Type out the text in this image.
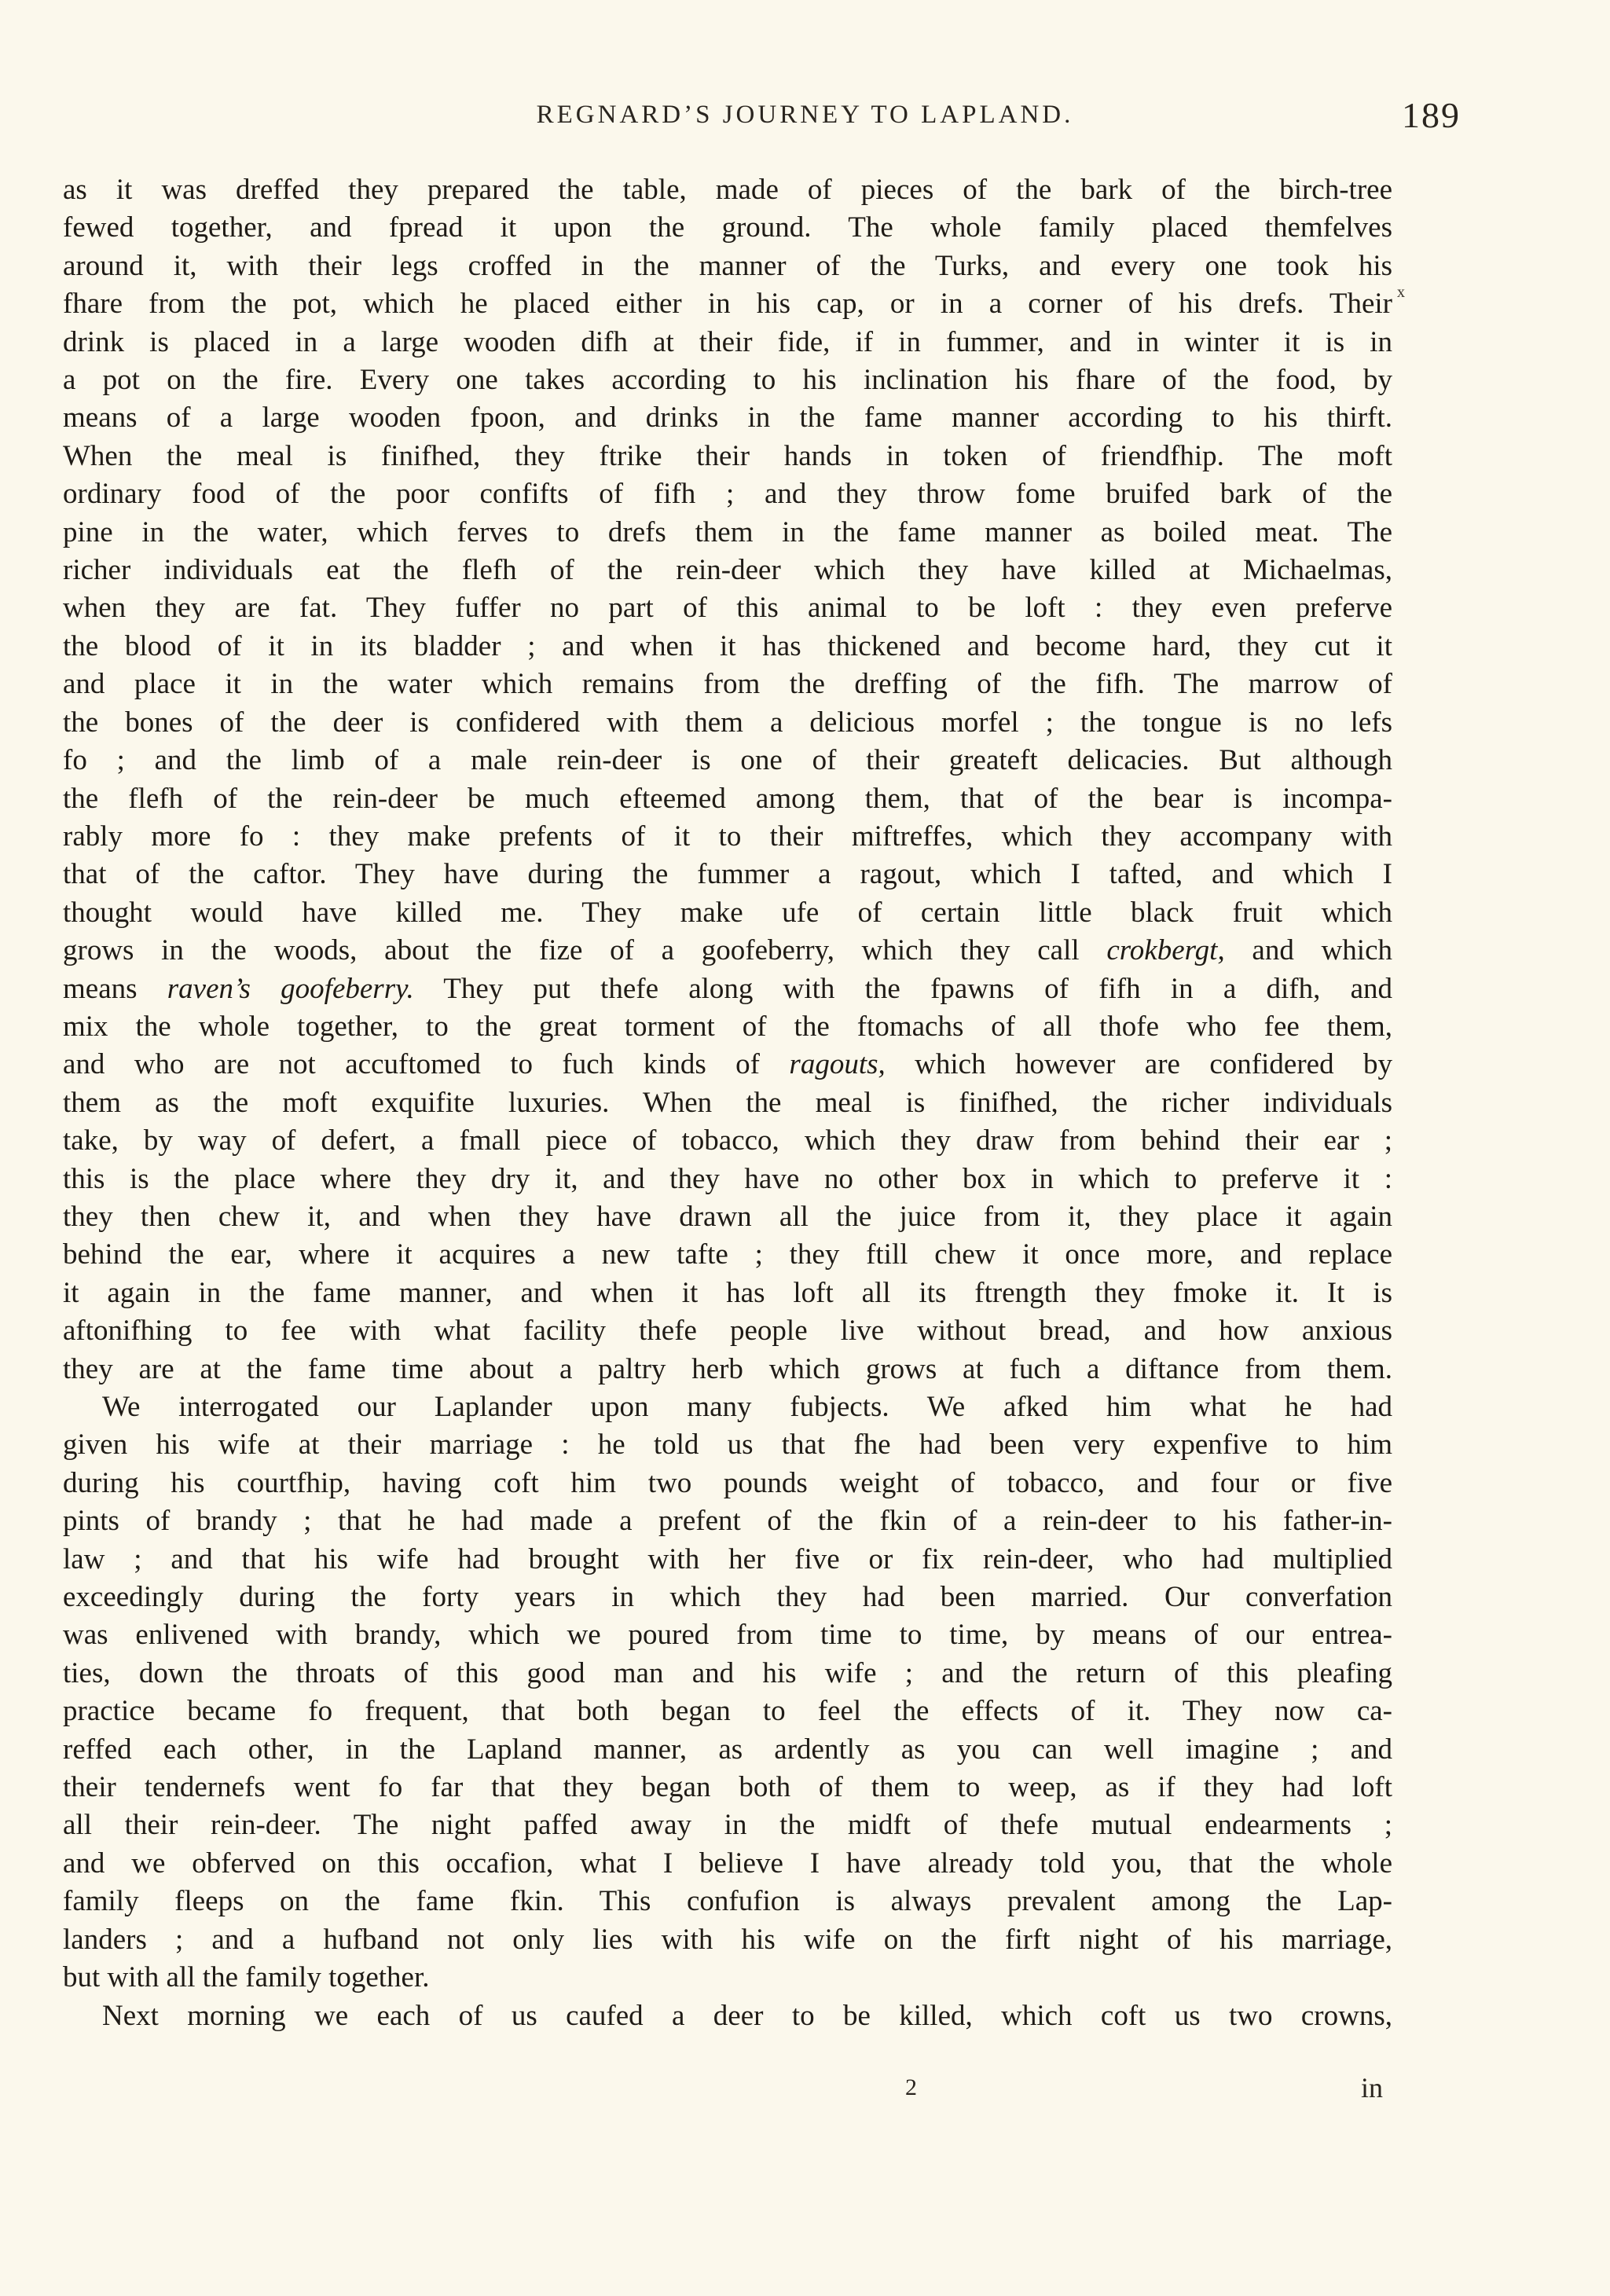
REGNARD’S JOURNEY TO LAPLAND.	189
ₓ
as it was dreffed they prepared the table, made of pieces of the bark of the birch-tree
fewed together, and fpread it upon the ground. The whole family placed themfelves
around it, with their legs croffed in the manner of the Turks, and every one took his
fhare from the pot, which he placed either in his cap, or in a corner of his drefs. Their
drink is placed in a large wooden difh at their fide, if in fummer, and in winter it is in
a pot on the fire. Every one takes according to his inclination his fhare of the food, by
means of a large wooden fpoon, and drinks in the fame manner according to his thirft.
When the meal is finifhed, they ftrike their hands in token of friendfhip. The moft
ordinary food of the poor confifts of fifh ; and they throw fome bruifed bark of the
pine in the water, which ferves to drefs them in the fame manner as boiled meat. The
richer individuals eat the flefh of the rein-deer which they have killed at Michaelmas,
when they are fat. They fuffer no part of this animal to be loft : they even preferve
the blood of it in its bladder ; and when it has thickened and become hard, they cut it
and place it in the water which remains from the dreffing of the fifh. The marrow of
the bones of the deer is confidered with them a delicious morfel ; the tongue is no lefs
fo ; and the limb of a male rein-deer is one of their greateft delicacies. But although
the flefh of the rein-deer be much efteemed among them, that of the bear is incompa-
rably more fo : they make prefents of it to their miftreffes, which they accompany with
that of the caftor. They have during the fummer a ragout, which I tafted, and which I
thought would have killed me. They make ufe of certain little black fruit which
grows in the woods, about the fize of a goofeberry, which they call crokbergt, and which
means raven’s goofeberry. They put thefe along with the fpawns of fifh in a difh, and
mix the whole together, to the great torment of the ftomachs of all thofe who fee them,
and who are not accuftomed to fuch kinds of ragouts, which however are confidered by
them as the moft exquifite luxuries. When the meal is finifhed, the richer individuals
take, by way of defert, a fmall piece of tobacco, which they draw from behind their ear ;
this is the place where they dry it, and they have no other box in which to preferve it :
they then chew it, and when they have drawn all the juice from it, they place it again
behind the ear, where it acquires a new tafte ; they ftill chew it once more, and replace
it again in the fame manner, and when it has loft all its ftrength they fmoke it. It is
aftonifhing to fee with what facility thefe people live without bread, and how anxious
they are at the fame time about a paltry herb which grows at fuch a diftance from them.
We interrogated our Laplander upon many fubjects. We afked him what he had
given his wife at their marriage : he told us that fhe had been very expenfive to him
during his courtfhip, having coft him two pounds weight of tobacco, and four or five
pints of brandy ; that he had made a prefent of the fkin of a rein-deer to his father-in-
law ; and that his wife had brought with her five or fix rein-deer, who had multiplied
exceedingly during the forty years in which they had been married. Our converfation
was enlivened with brandy, which we poured from time to time, by means of our entrea-
ties, down the throats of this good man and his wife ; and the return of this pleafing
practice became fo frequent, that both began to feel the effects of it. They now ca-
reffed each other, in the Lapland manner, as ardently as you can well imagine ; and
their tendernefs went fo far that they began both of them to weep, as if they had loft
all their rein-deer. The night paffed away in the midft of thefe mutual endearments ;
and we obferved on this occafion, what I believe I have already told you, that the whole
family fleeps on the fame fkin. This confufion is always prevalent among the Lap-
landers ; and a hufband not only lies with his wife on the firft night of his marriage,
but with all the family together.
Next morning we each of us caufed a deer to be killed, which coft us two crowns,
2	in
